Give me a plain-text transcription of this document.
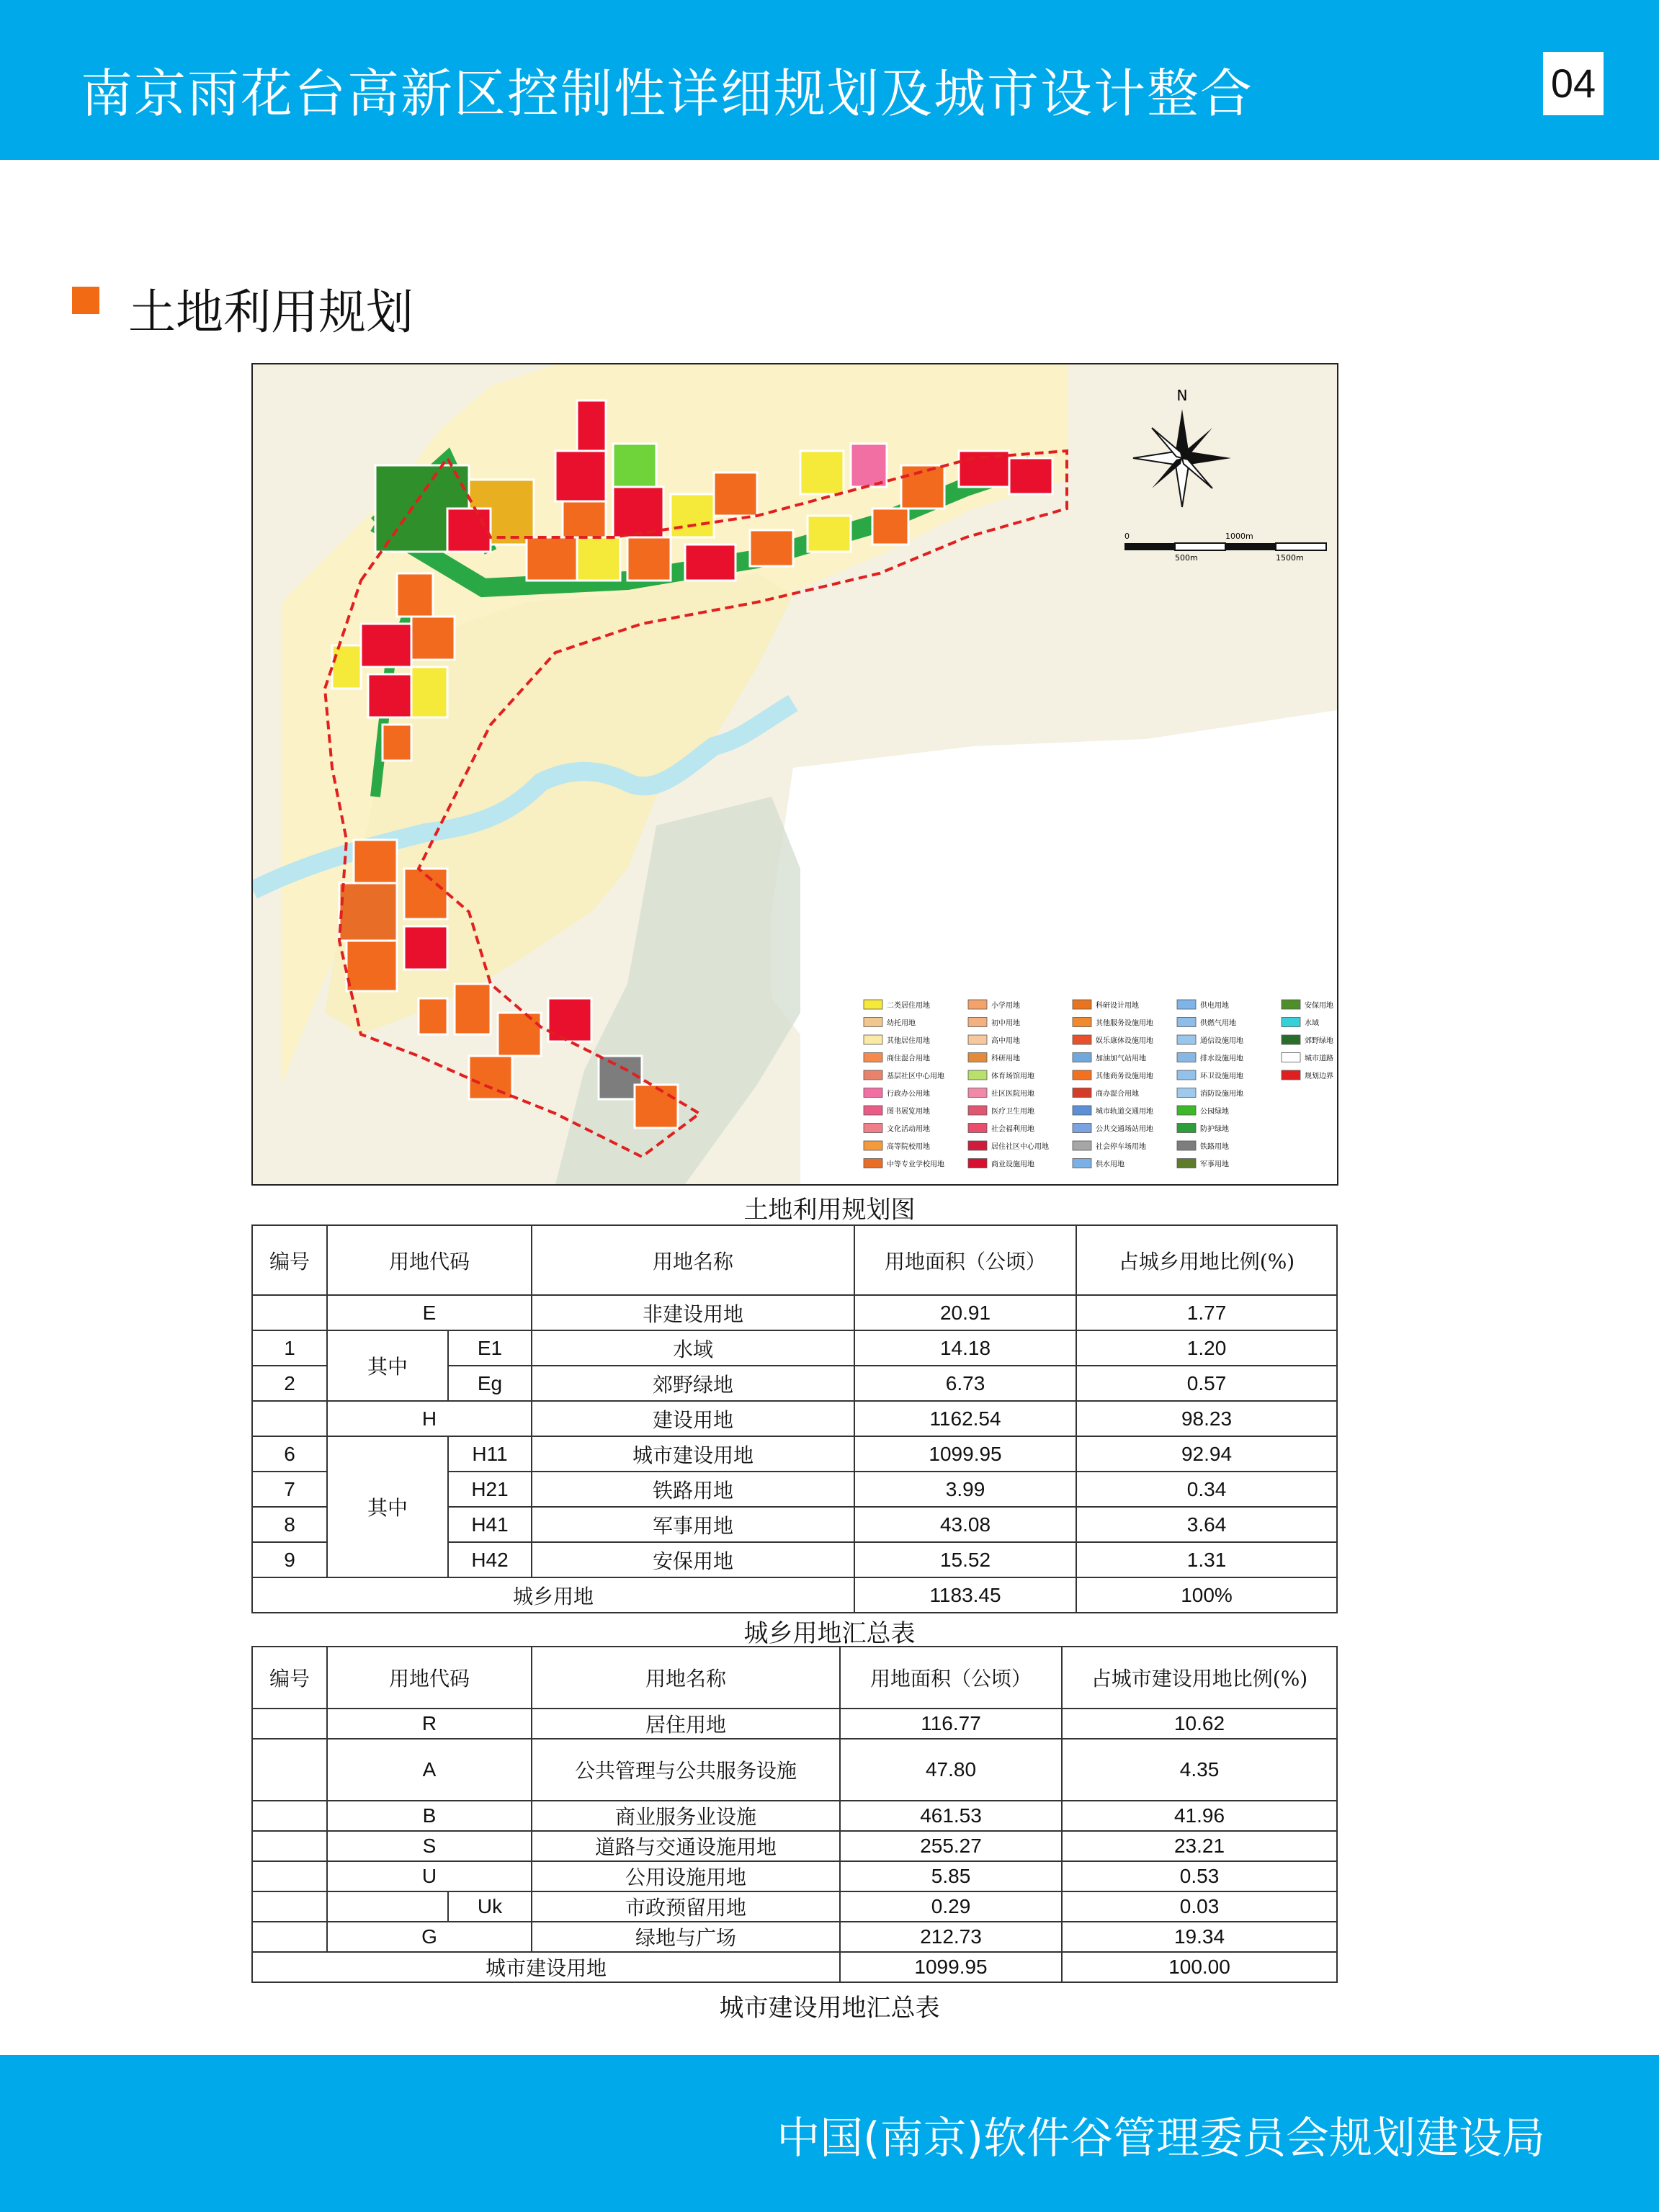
南京雨花台高新区控制性详细规划及城市设计整合	04
土地利用规划
N
0
500m
1000m
1500m
二类居住用地
幼托用地
其他居住用地
商住混合用地
基层社区中心用地
行政办公用地
图书展览用地
文化活动用地
高等院校用地
中等专业学校用地
小学用地
初中用地
高中用地
科研用地
体育场馆用地
社区医院用地
医疗卫生用地
社会福利用地
居住社区中心用地
商业设施用地
科研设计用地
其他服务设施用地
娱乐康体设施用地
加油加气站用地
其他商务设施用地
商办混合用地
城市轨道交通用地
公共交通场站用地
社会停车场用地
供水用地
供电用地
供燃气用地
通信设施用地
排水设施用地
环卫设施用地
消防设施用地
公园绿地
防护绿地
铁路用地
军事用地
安保用地
水域
郊野绿地
城市道路
规划边界
土地利用规划图
编号	用地代码		用地名称	用地面积（公顷）	占城乡用地比例(%)
	E		非建设用地	20.91	1.77
1	其中	E1	水域	14.18	1.20
2		Eg	郊野绿地	6.73	0.57
	H		建设用地	1162.54	98.23
6	其中	H11	城市建设用地	1099.95	92.94
7		H21	铁路用地	3.99	0.34
8		H41	军事用地	43.08	3.64
9		H42	安保用地	15.52	1.31
城乡用地				1183.45	100%
城乡用地汇总表
编号	用地代码		用地名称	用地面积（公顷）	占城市建设用地比例(%)
	R		居住用地	116.77	10.62
	A		公共管理与公共服务设施	47.80	4.35
	B		商业服务业设施	461.53	41.96
	S		道路与交通设施用地	255.27	23.21
	U		公用设施用地	5.85	0.53
		Uk	市政预留用地	0.29	0.03
	G		绿地与广场	212.73	19.34
城市建设用地				1099.95	100.00
城市建设用地汇总表
中国(南京)软件谷管理委员会规划建设局
